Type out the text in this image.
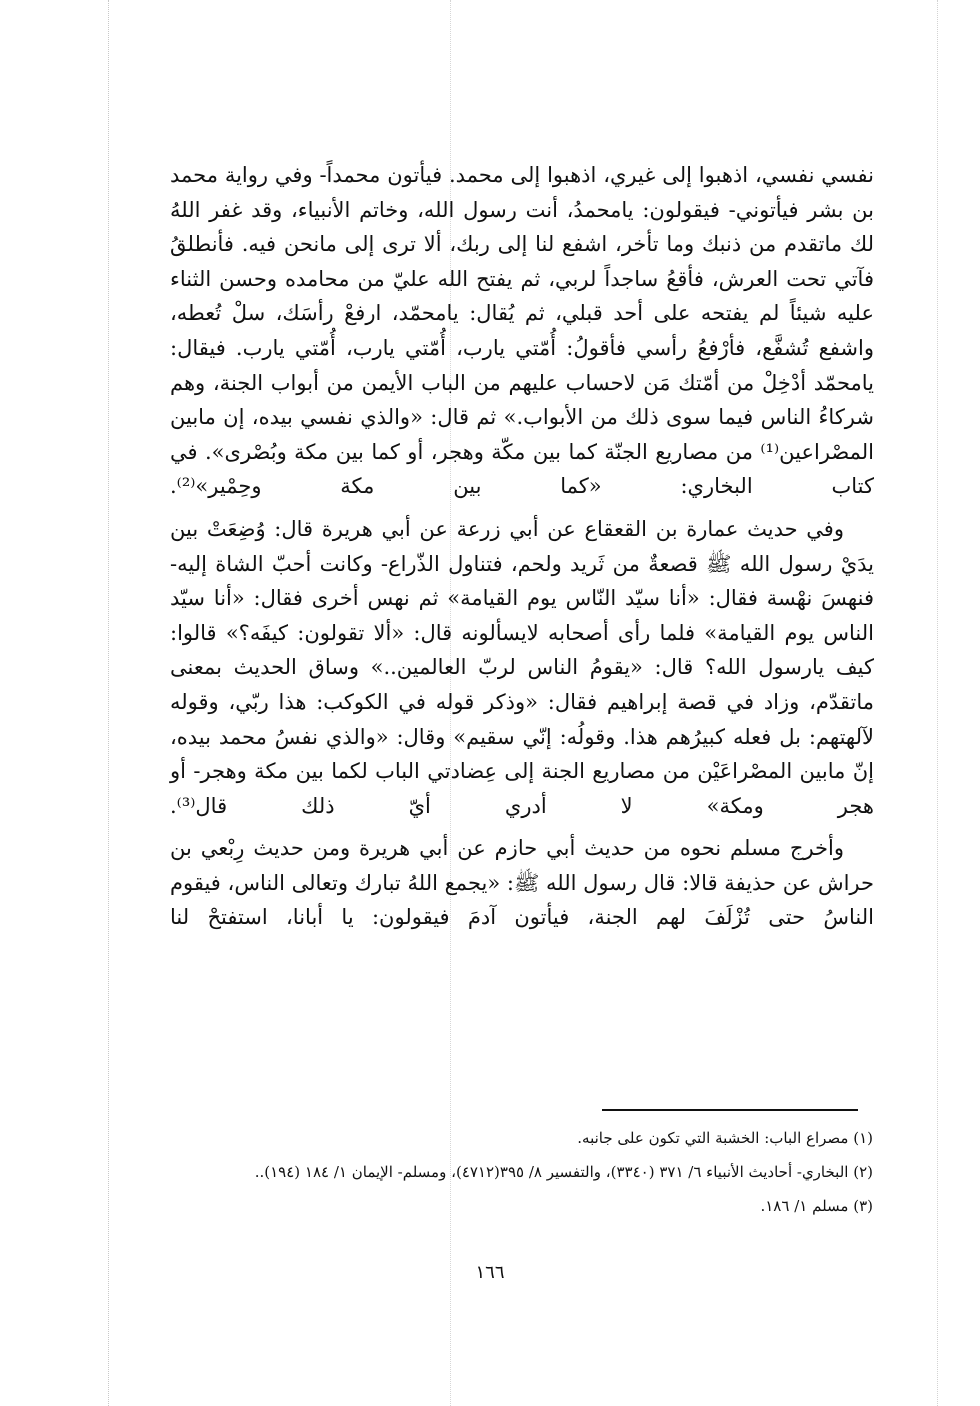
نفسي نفسي، اذهبوا إلى غيري، اذهبوا إلى محمد. فيأتون محمداً- وفي رواية محمد بن بشر فيأتوني- فيقولون: يامحمدُ، أنت رسول الله، وخاتم الأنبياء، وقد غفر اللهُ لك ماتقدم من ذنبك وما تأخر، اشفع لنا إلى ربك، ألا ترى إلى مانحن فيه. فأنطلقُ فآتي تحت العرش، فأقعُ ساجداً لربي، ثم يفتح الله عليّ من محامده وحسن الثناء عليه شيئاً لم يفتحه على أحد قبلي، ثم يُقال: يامحمّد، ارفعْ رأسَك، سلْ تُعطه، واشفع تُشفَّع، فأرْفعُ رأسي فأقولُ: أُمّتي يارب، أُمّتي يارب، أُمّتي يارب. فيقال: يامحمّد أدْخِلْ من أمّتك مَن لاحساب عليهم من الباب الأيمن من أبواب الجنة، وهم شركاءُ الناس فيما سوى ذلك من الأبواب.» ثم قال: «والذي نفسي بيده، إن مابين المصْراعين⁽¹⁾ من مصاريع الجنّة كما بين مكّة وهجر، أو كما بين مكة وبُصْرى». في كتاب البخاري: «كما بين مكة وحِمْير»⁽²⁾.

وفي حديث عمارة بن القعقاع عن أبي زرعة عن أبي هريرة قال: وُضِعَتْ بين يدَيْ رسول الله ﷺ قصعةٌ من ثَريد ولحم، فتناول الذّراع- وكانت أحبّ الشاة إليه- فنهسَ نهْسة فقال: «أنا سيّد النّاس يوم القيامة» ثم نهس أخرى فقال: «أنا سيّد الناس يوم القيامة» فلما رأى أصحابه لايسألونه قال: «ألا تقولون: كيفَه؟» قالوا: كيف يارسول الله؟ قال: «يقومُ الناس لربّ العالمين..» وساق الحديث بمعنى ماتقدّم، وزاد في قصة إبراهيم فقال: «وذكر قوله في الكوكب: هذا ربّي، وقوله لآلهتهم: بل فعله كبيرُهم هذا. وقولُه: إنّي سقيم» وقال: «والذي نفسُ محمد بيده، إنّ مابين المصْراعَيْن من مصاريع الجنة إلى عِضادتي الباب لكما بين مكة وهجر- أو هجر ومكة» لا أدري أيّ ذلك قال⁽³⁾.

وأخرج مسلم نحوه من حديث أبي حازم عن أبي هريرة ومن حديث رِبْعي بن حراش عن حذيفة قالا: قال رسول الله ﷺ: «يجمع اللهُ تبارك وتعالى الناس، فيقوم الناسُ حتى تُزْلَفَ لهم الجنة، فيأتون آدمَ فيقولون: يا أبانا، استفتحْ لنا

(١) مصراع الباب: الخشبة التي تكون على جانبه.

(٢) البخاري- أحاديث الأنبياء ٦/ ٣٧١ (٣٣٤٠)، والتفسير ٨/ ٣٩٥(٤٧١٢)، ومسلم- الإيمان ١/ ١٨٤ (١٩٤)..

(٣) مسلم ١/ ١٨٦.

١٦٦
